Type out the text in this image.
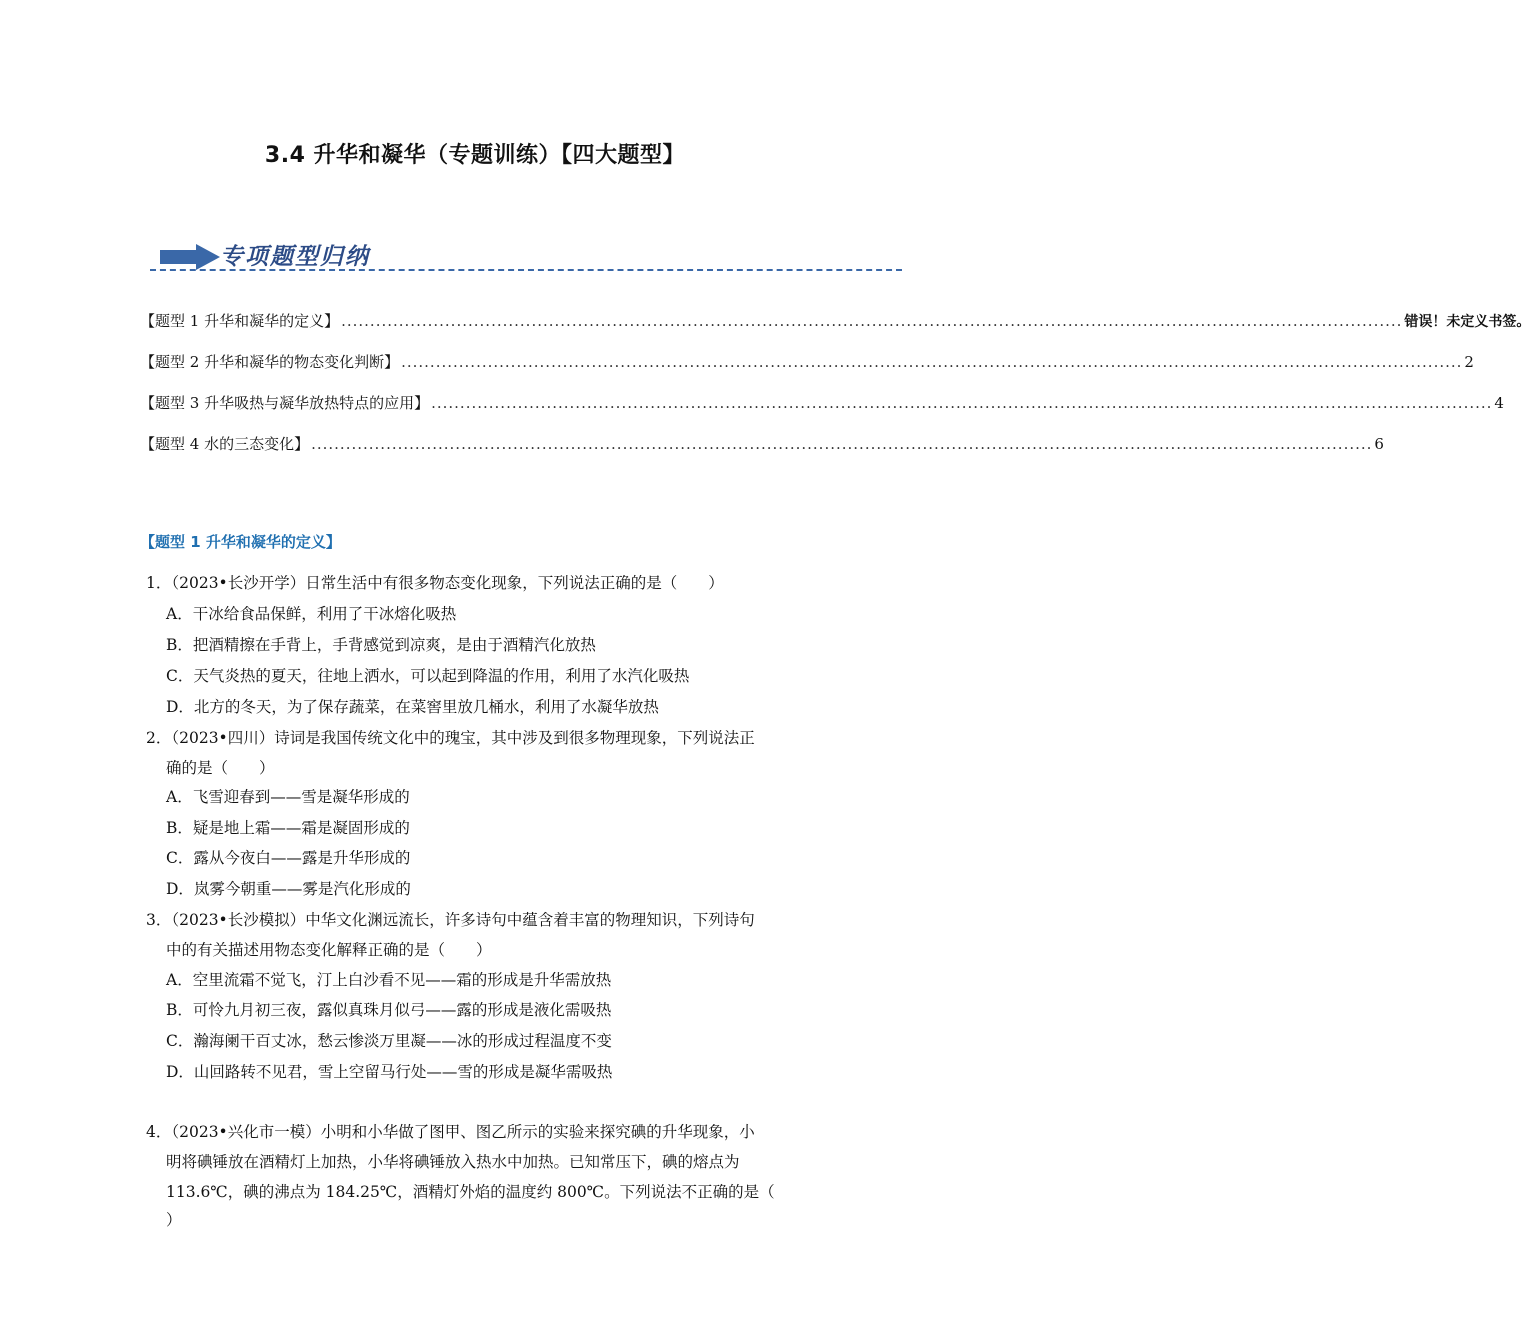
3.4 升华和凝华（专题训练）【四大题型】
专项题型归纳
【题型 1 升华和凝华的定义】 ........................................................................................................................................................................................ 错误！未定义书签。
【题型 2 升华和凝华的物态变化判断】 ........................................................................................................................................................................................ 2
【题型 3 升华吸热与凝华放热特点的应用】 ........................................................................................................................................................................................ 4
【题型 4 水的三态变化】 ........................................................................................................................................................................................ 6
【题型 1 升华和凝华的定义】
1．（2023•长沙开学）日常生活中有很多物态变化现象，下列说法正确的是（　　）
A．干冰给食品保鲜，利用了干冰熔化吸热
B．把酒精擦在手背上，手背感觉到凉爽，是由于酒精汽化放热
C．天气炎热的夏天，往地上洒水，可以起到降温的作用，利用了水汽化吸热
D．北方的冬天，为了保存蔬菜，在菜窖里放几桶水，利用了水凝华放热
2．（2023•四川）诗词是我国传统文化中的瑰宝，其中涉及到很多物理现象，下列说法正
确的是（　　）
A．飞雪迎春到——雪是凝华形成的
B．疑是地上霜——霜是凝固形成的
C．露从今夜白——露是升华形成的
D．岚雾今朝重——雾是汽化形成的
3．（2023•长沙模拟）中华文化渊远流长，许多诗句中蕴含着丰富的物理知识，下列诗句
中的有关描述用物态变化解释正确的是（　　）
A．空里流霜不觉飞，汀上白沙看不见——霜的形成是升华需放热
B．可怜九月初三夜，露似真珠月似弓——露的形成是液化需吸热
C．瀚海阑干百丈冰，愁云惨淡万里凝——冰的形成过程温度不变
D．山回路转不见君，雪上空留马行处——雪的形成是凝华需吸热
4．（2023•兴化市一模）小明和小华做了图甲、图乙所示的实验来探究碘的升华现象，小
明将碘锤放在酒精灯上加热，小华将碘锤放入热水中加热。已知常压下，碘的熔点为
113.6℃，碘的沸点为 184.25℃，酒精灯外焰的温度约 800℃。下列说法不正确的是（
）
